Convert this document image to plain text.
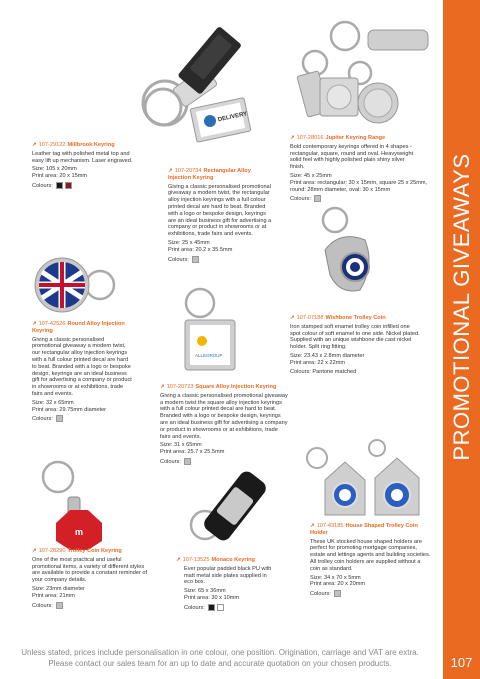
PROMOTIONAL GIVEAWAYS
DELIVERY
ALLEGROUP
m
↗ 107-29122 Millbrook Keyring

Leather tag with polished metal top and easy lift up mechanism. Laser engraved.

Size: 105 x 20mm

Print area: 20 x 15mm

Colours:

↗ 107-20734 Rectangular Alloy Injection Keyring

Giving a classic personalised promotional giveaway a modern twist, the rectangular alloy injection keyrings with a full colour printed decal are hard to beat. Branded with a logo or bespoke design, keyrings are an ideal business gift for advertising a company or product in showrooms or at exhibitions, trade fairs and events.

Size: 25 x 45mm

Print area: 20.2 x 35.5mm

Colours:

↗ 107-28016 Jupiter Keyring Range

Bold contemporary keyrings offered in 4 shapes - rectangular, square, round and oval. Heavyweight solid feel with highly polished plain shiny silver finish.

Size: 45 x 25mm

Print area: rectangular: 30 x 15mm, square 25 x 25mm, round: 28mm diameter, oval: 30 x 15mm

Colours:

↗ 107-42526 Round Alloy Injection Keyring

Giving a classic personalised promotional giveaway a modern twist, our rectangular alloy injection keyrings with a full colour printed decal are hard to beat. Branded with a logo or bespoke design, keyrings are an ideal business gift for advertising a company or product in showrooms or at exhibitions, trade fairs and events.

Size: 32 x 65mm

Print area: 29.75mm diameter

Colours:

↗ 107-07188 Wishbone Trolley Coin

Iron stamped soft enamel trolley coin infilled one spot colour of soft enamel to one side. Nickel plated. Supplied with an unique wishbone die cast nickel holder. Split ring fitting.

Size: 23.43 x 2.8mm diameter

Print area: 22 x 22mm

Colours: Pantone matched

↗ 107-20723 Square Alloy Injection Keyring

Giving a classic personalised promotional giveaway a modern twist the square alloy injection keyrings with a full colour printed decal are hard to beat. Branded with a logo or bespoke design, keyrings are an ideal business gift for advertising a company or product in showrooms or at exhibitions, trade fairs and events.

Size: 31 x 65mm

Print area: 25.7 x 25.5mm

Colours:

↗ 107-28290 Trolley Coin Keyring

One of the most practical and useful promotional items, a variety of different styles are available to provide a constant reminder of your company details.

Size: 23mm diameter

Print area: 21mm

Colours:

↗ 107-13525 Monaco Keyring

Ever popular padded black PU with matt metal side plates supplied in eco box.

Size: 65 x 36mm

Print area: 30 x 10mm

Colours:

↗ 107-43185 House Shaped Trolley Coin Holder

These UK stocked house shaped holders are perfect for promoting mortgage companies, estate and lettings agents and building societies. All trolley coin holders are supplied without a coin as standard.

Size: 34 x 70 x 5mm

Print area: 20 x 20mm

Colours:

Unless stated, prices include personalisation in one colour, one position. Origination, carriage and VAT are extra.
Please contact our sales team for an up to date and accurate quotation on your chosen products.	107
